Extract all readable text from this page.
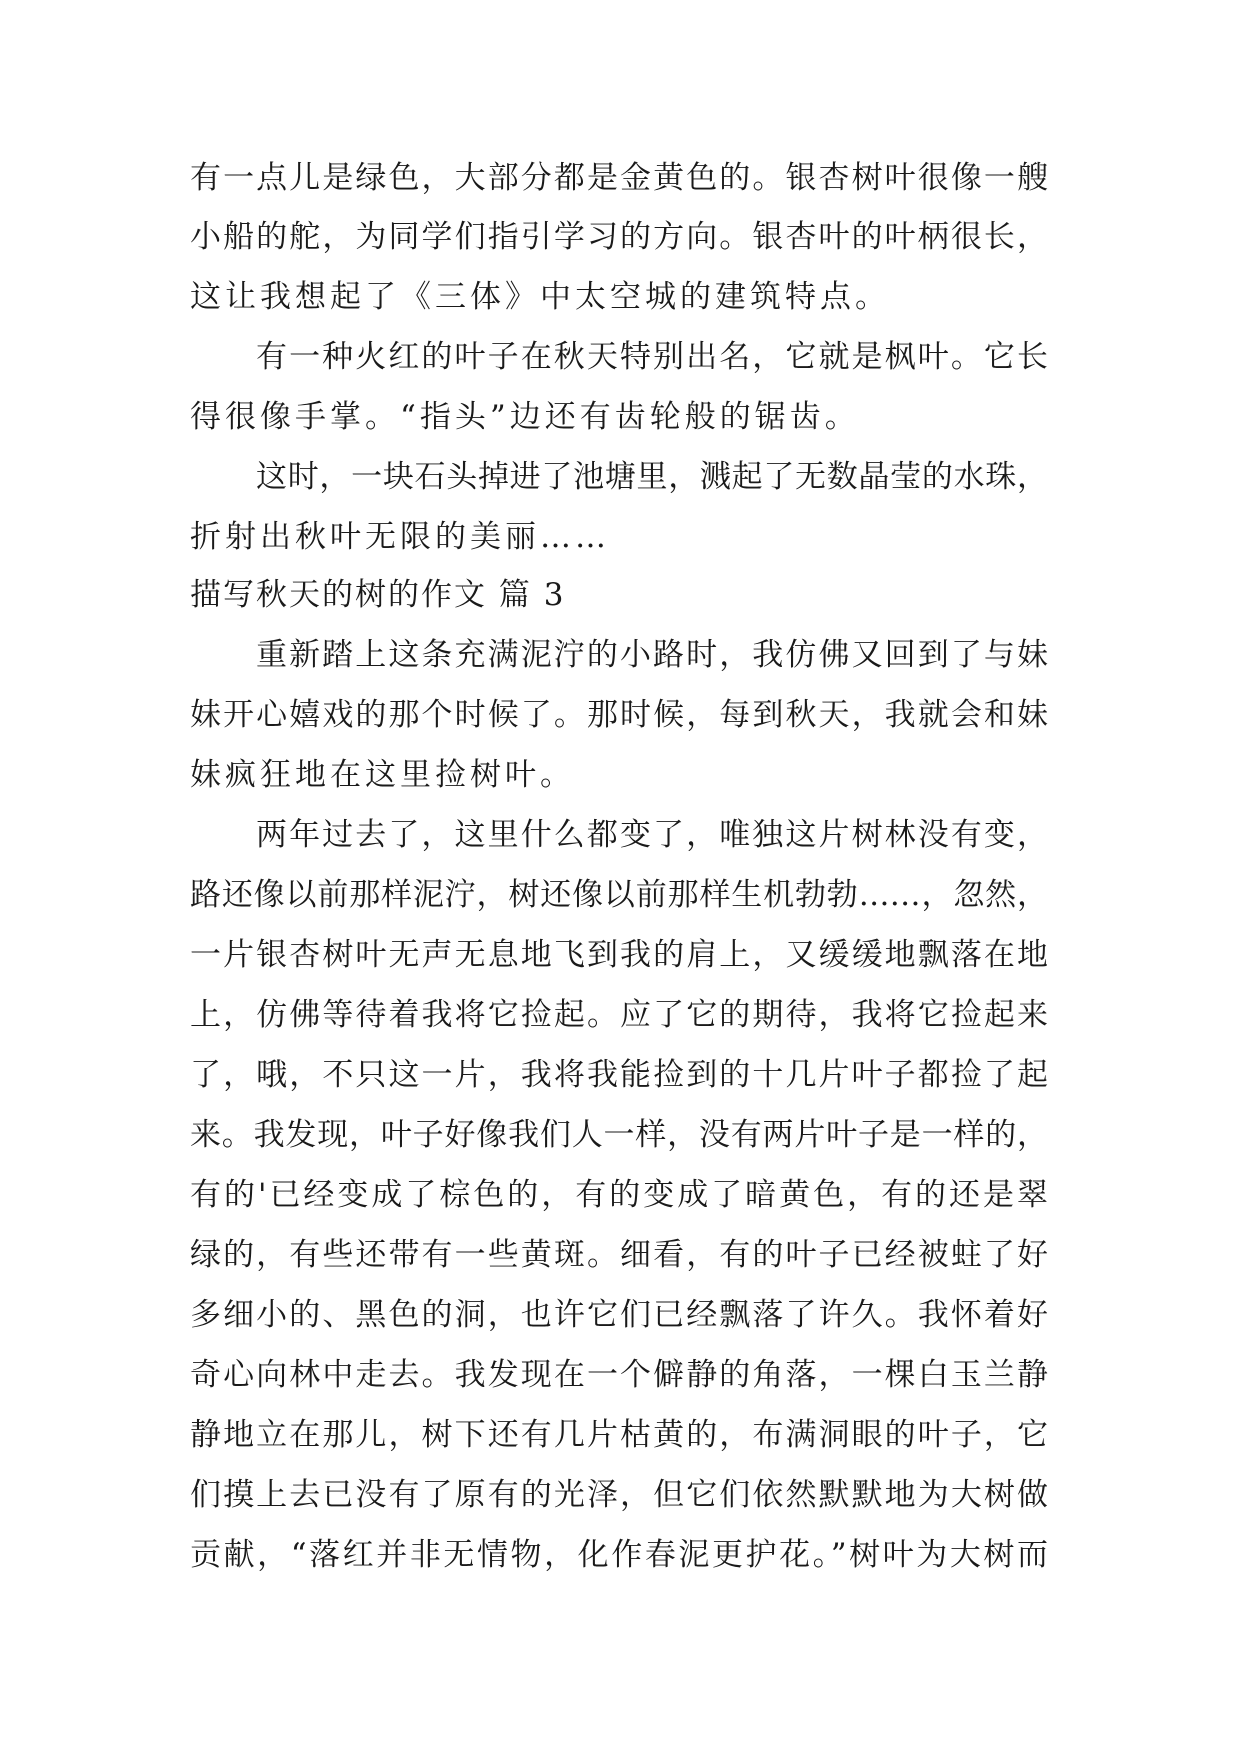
有一点儿是绿色，大部分都是金黄色的。银杏树叶很像一艘
小船的舵，为同学们指引学习的方向。银杏叶的叶柄很长，
这让我想起了《三体》中太空城的建筑特点。
有一种火红的叶子在秋天特别出名，它就是枫叶。它长
得很像手掌。“指头”边还有齿轮般的锯齿。
这时，一块石头掉进了池塘里，溅起了无数晶莹的水珠，
折射出秋叶无限的美丽……
描写秋天的树的作文 篇 3
重新踏上这条充满泥泞的小路时，我仿佛又回到了与妹
妹开心嬉戏的那个时候了。那时候，每到秋天，我就会和妹
妹疯狂地在这里捡树叶。
两年过去了，这里什么都变了，唯独这片树林没有变，
路还像以前那样泥泞，树还像以前那样生机勃勃……，忽然，
一片银杏树叶无声无息地飞到我的肩上，又缓缓地飘落在地
上，仿佛等待着我将它捡起。应了它的期待，我将它捡起来
了，哦，不只这一片，我将我能捡到的十几片叶子都捡了起
来。我发现，叶子好像我们人一样，没有两片叶子是一样的，
有的'已经变成了棕色的，有的变成了暗黄色，有的还是翠
绿的，有些还带有一些黄斑。细看，有的叶子已经被蛀了好
多细小的、黑色的洞，也许它们已经飘落了许久。我怀着好
奇心向林中走去。我发现在一个僻静的角落，一棵白玉兰静
静地立在那儿，树下还有几片枯黄的，布满洞眼的叶子，它
们摸上去已没有了原有的光泽，但它们依然默默地为大树做
贡献，“落红并非无情物，化作春泥更护花。”树叶为大树而
